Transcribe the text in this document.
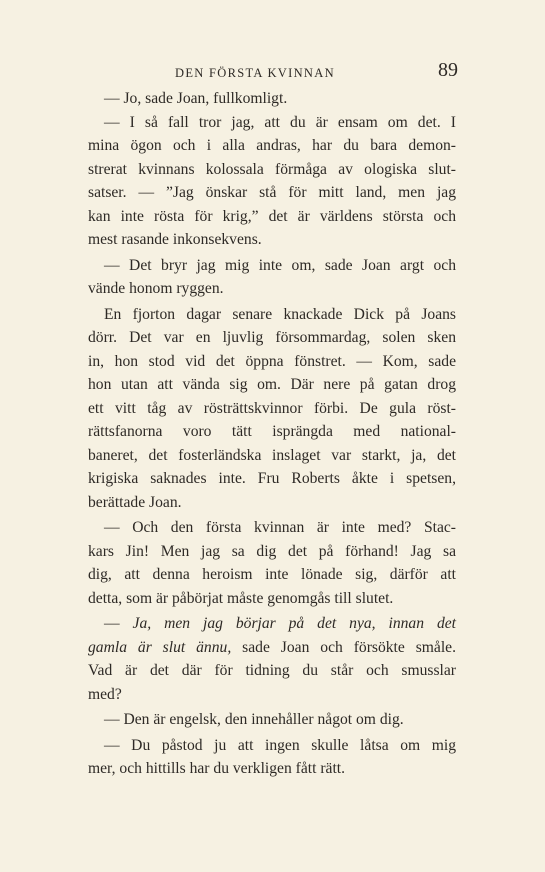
DEN FÖRSTA KVINNAN	89
— Jo, sade Joan, fullkomligt.
— I så fall tror jag, att du är ensam om det. I
mina ögon och i alla andras, har du bara demon-
strerat kvinnans kolossala förmåga av ologiska slut-
satser. — ”Jag önskar stå för mitt land, men jag
kan inte rösta för krig,” det är världens största och
mest rasande inkonsekvens.
— Det bryr jag mig inte om, sade Joan argt och
vände honom ryggen.
En fjorton dagar senare knackade Dick på Joans
dörr. Det var en ljuvlig försommardag, solen sken
in, hon stod vid det öppna fönstret. — Kom, sade
hon utan att vända sig om. Där nere på gatan drog
ett vitt tåg av rösträttskvinnor förbi. De gula röst-
rättsfanorna voro tätt isprängda med national-
baneret, det fosterländska inslaget var starkt, ja, det
krigiska saknades inte. Fru Roberts åkte i spetsen,
berättade Joan.
— Och den första kvinnan är inte med? Stac-
kars Jin! Men jag sa dig det på förhand! Jag sa
dig, att denna heroism inte lönade sig, därför att
detta, som är påbörjat måste genomgås till slutet.
— Ja, men jag börjar på det nya, innan det
gamla är slut ännu, sade Joan och försökte småle.
Vad är det där för tidning du står och smusslar
med?
— Den är engelsk, den innehåller något om dig.
— Du påstod ju att ingen skulle låtsa om mig
mer, och hittills har du verkligen fått rätt.
